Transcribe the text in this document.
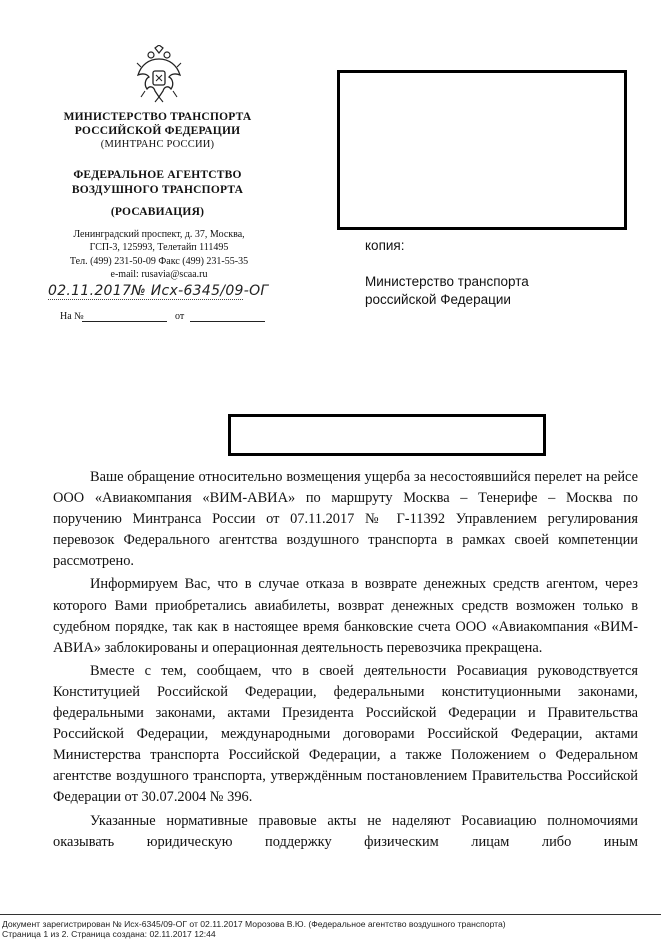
МИНИСТЕРСТВО ТРАНСПОРТА
РОССИЙСКОЙ ФЕДЕРАЦИИ
(МИНТРАНС РОССИИ)
ФЕДЕРАЛЬНОЕ АГЕНТСТВО
ВОЗДУШНОГО ТРАНСПОРТА
(РОСАВИАЦИЯ)
Ленинградский проспект, д. 37, Москва,
ГСП-3, 125993, Телетайп 111495
Тел. (499) 231-50-09 Факс (499) 231-55-35
e-mail: rusavia@scaa.ru
02.11.2017№ Исх-6345/09-ОГ
На №	от
копия:
Министерство транспорта
российской Федерации

Ваше обращение относительно возмещения ущерба за несостоявшийся перелет на рейсе ООО «Авиакомпания «ВИМ-АВИА» по маршруту Москва – Тенерифе – Москва по поручению Минтранса России от 07.11.2017 № Г-11392 Управлением регулирования перевозок Федерального агентства воздушного транспорта в рамках своей компетенции рассмотрено.

Информируем Вас, что в случае отказа в возврате денежных средств агентом, через которого Вами приобретались авиабилеты, возврат денежных средств возможен только в судебном порядке, так как в настоящее время банковские счета ООО «Авиакомпания «ВИМ-АВИА» заблокированы и операционная деятельность перевозчика прекращена.

Вместе с тем, сообщаем, что в своей деятельности Росавиация руководствуется Конституцией Российской Федерации, федеральными конституционными законами, федеральными законами, актами Президента Российской Федерации и Правительства Российской Федерации, международными договорами Российской Федерации, актами Министерства транспорта Российской Федерации, а также Положением о Федеральном агентстве воздушного транспорта, утверждённым постановлением Правительства Российской Федерации от 30.07.2004 № 396.

Указанные нормативные правовые акты не наделяют Росавиацию полномочиями оказывать юридическую поддержку физическим лицам либо иным

Документ зарегистрирован № Исх-6345/09-ОГ от 02.11.2017 Морозова В.Ю. (Федеральное агентство воздушного транспорта)
Страница 1 из 2. Страница создана: 02.11.2017 12:44
